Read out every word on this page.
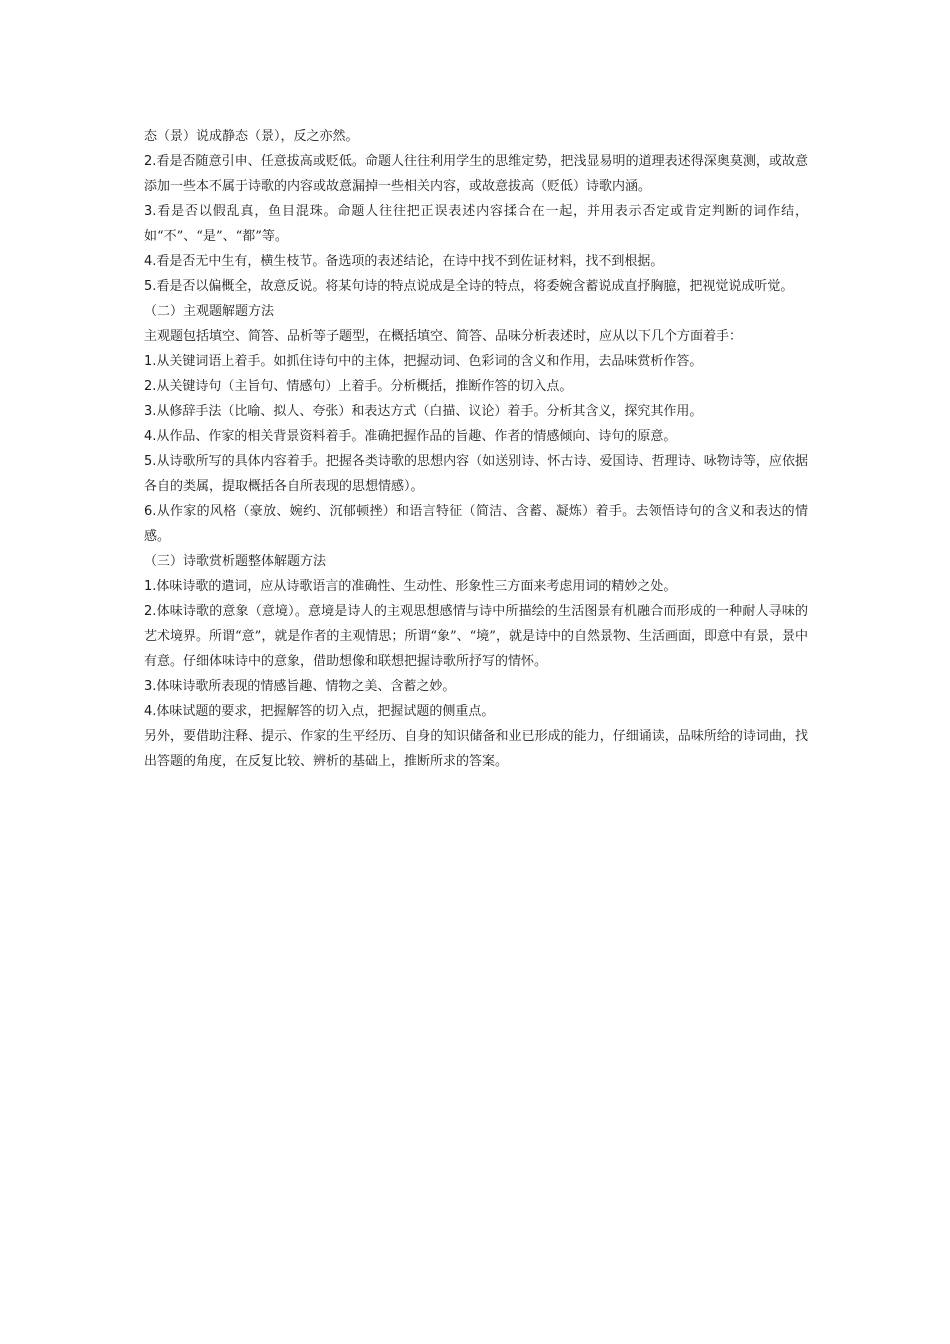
态（景）说成静态（景），反之亦然。

2.看是否随意引申、任意拔高或贬低。命题人往往利用学生的思维定势，把浅显易明的道理表述得深奥莫测，或故意添加一些本不属于诗歌的内容或故意漏掉一些相关内容，或故意拔高（贬低）诗歌内涵。

3.看是否以假乱真，鱼目混珠。命题人往往把正误表述内容揉合在一起，并用表示否定或肯定判断的词作结，如“不”、“是”、“都”等。

4.看是否无中生有，横生枝节。备选项的表述结论，在诗中找不到佐证材料，找不到根据。

5.看是否以偏概全，故意反说。将某句诗的特点说成是全诗的特点，将委婉含蓄说成直抒胸臆，把视觉说成听觉。

（二）主观题解题方法

主观题包括填空、简答、品析等子题型，在概括填空、简答、品味分析表述时，应从以下几个方面着手：

1.从关键词语上着手。如抓住诗句中的主体，把握动词、色彩词的含义和作用，去品味赏析作答。

2.从关键诗句（主旨句、情感句）上着手。分析概括，推断作答的切入点。

3.从修辞手法（比喻、拟人、夸张）和表达方式（白描、议论）着手。分析其含义，探究其作用。

4.从作品、作家的相关背景资料着手。准确把握作品的旨趣、作者的情感倾向、诗句的原意。

5.从诗歌所写的具体内容着手。把握各类诗歌的思想内容（如送别诗、怀古诗、爱国诗、哲理诗、咏物诗等，应依据各自的类属，提取概括各自所表现的思想情感）。

6.从作家的风格（豪放、婉约、沉郁顿挫）和语言特征（简洁、含蓄、凝炼）着手。去领悟诗句的含义和表达的情感。

（三）诗歌赏析题整体解题方法

1.体味诗歌的遣词，应从诗歌语言的准确性、生动性、形象性三方面来考虑用词的精妙之处。

2.体味诗歌的意象（意境）。意境是诗人的主观思想感情与诗中所描绘的生活图景有机融合而形成的一种耐人寻味的艺术境界。所谓“意”，就是作者的主观情思；所谓“象”、“境”，就是诗中的自然景物、生活画面，即意中有景，景中有意。仔细体味诗中的意象，借助想像和联想把握诗歌所抒写的情怀。

3.体味诗歌所表现的情感旨趣、情物之美、含蓄之妙。

4.体味试题的要求，把握解答的切入点，把握试题的侧重点。

另外，要借助注释、提示、作家的生平经历、自身的知识储备和业已形成的能力，仔细诵读，品味所给的诗词曲，找出答题的角度，在反复比较、辨析的基础上，推断所求的答案。
